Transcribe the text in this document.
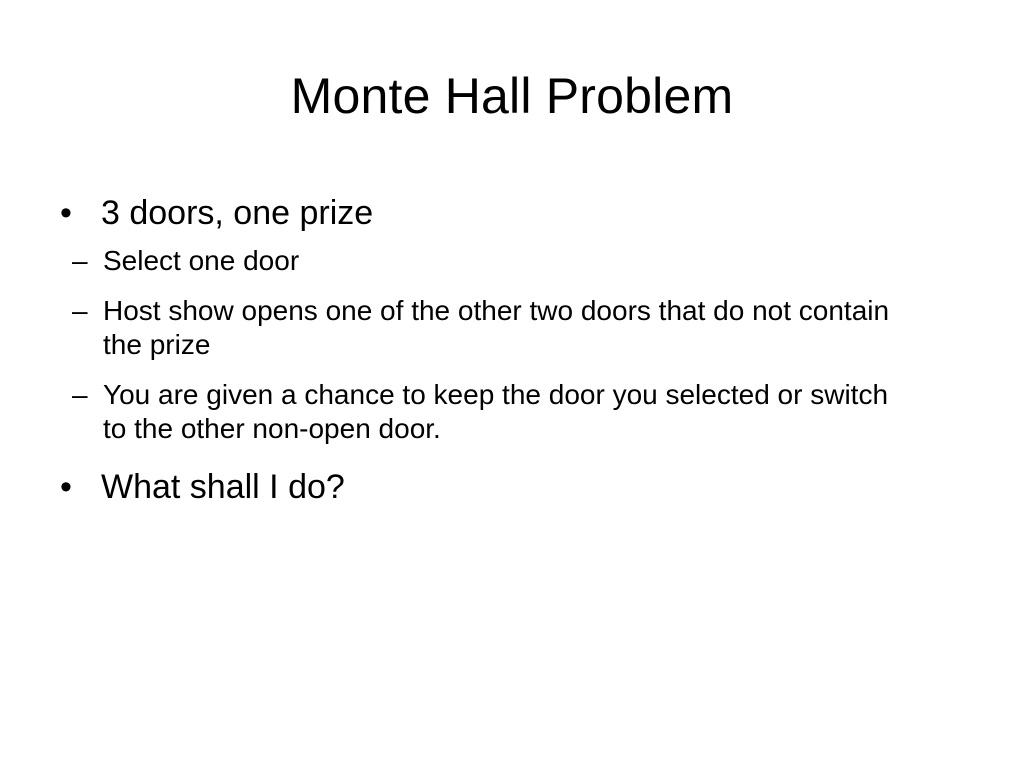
Monte Hall Problem
• 3 doors, one prize
– Select one door
– Host show opens one of the other two doors that do not contain the prize
– You are given a chance to keep the door you selected or switch to the other non-open door.
• What shall I do?
